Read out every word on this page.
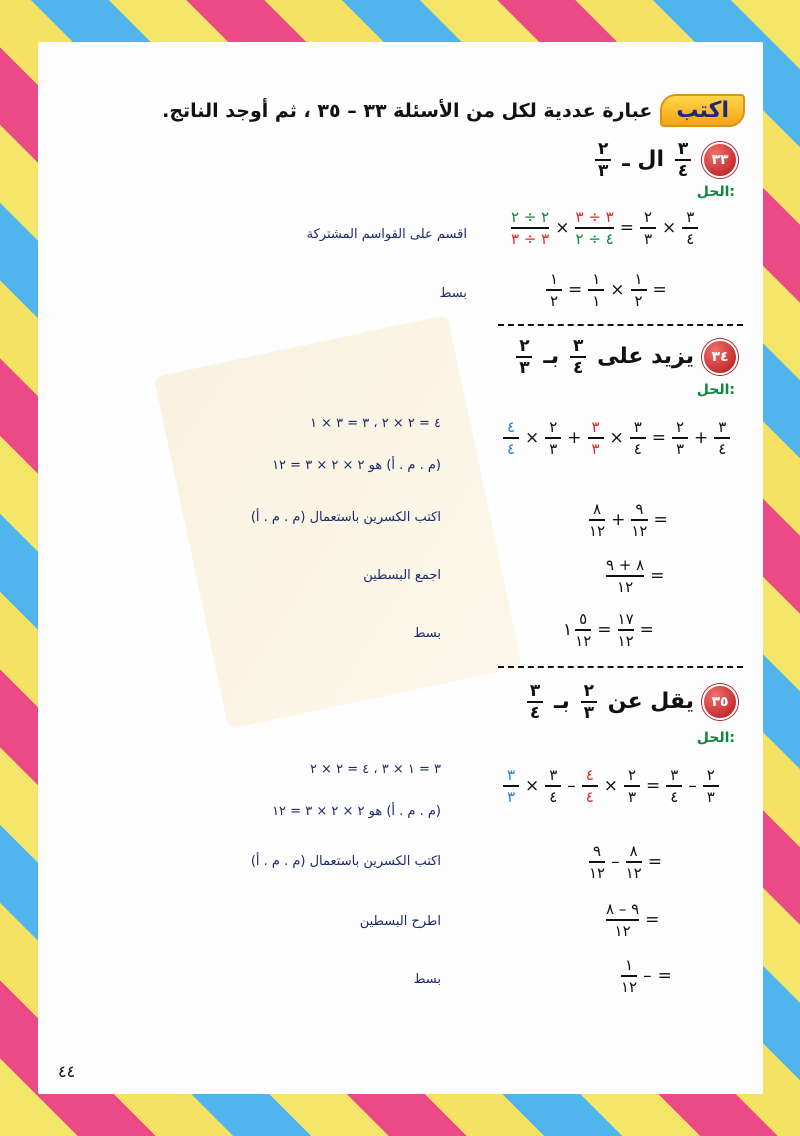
اكتب
عبارة عددية لكل من الأسئلة ٣٣ – ٣٥ ، ثم أوجد الناتج.
٣٣
$\frac{٣}{٤}$
ال ـ
$\frac{٢}{٣}$
الحل:
$\frac{٢ \div ٢}{٣ \div ٣} \times \frac{٣ \div ٣}{٤ \div ٢} = \frac{٢}{٣} \times \frac{٣}{٤}$
اقسم على القواسم المشتركة
$\frac{١}{٢} = \frac{١}{١} \times \frac{١}{٢}$ =
بسط
٣٤
يزيد على
$\frac{٣}{٤}$
بـ
$\frac{٢}{٣}$
الحل:
$\frac{٤}{٤} \times \frac{٢}{٣} + \frac{٣}{٣} \times \frac{٣}{٤} = \frac{٢}{٣} + \frac{٣}{٤}$
٤ = ٢ × ٢ ، ٣ = ٣ × ١
(م . م . أ) هو ٢ × ٢ × ٣ = ١٢
$\frac{٨}{١٢} + \frac{٩}{١٢}$ =
اكتب الكسرين باستعمال (م . م . أ)
$\frac{٨ + ٩}{١٢}$ =
اجمع البسطين
١ $\frac{٥}{١٢} = \frac{١٧}{١٢}$ =
بسط
٣٥
يقل عن
$\frac{٢}{٣}$
بـ
$\frac{٣}{٤}$
الحل:
$\frac{٣}{٣} \times \frac{٣}{٤} - \frac{٤}{٤} \times \frac{٢}{٣} = \frac{٣}{٤} - \frac{٢}{٣}$
٣ = ١ × ٣ ، ٤ = ٢ × ٢
(م . م . أ) هو ٢ × ٢ × ٣ = ١٢
$\frac{٩}{١٢} - \frac{٨}{١٢}$ =
اكتب الكسرين باستعمال (م . م . أ)
$\frac{٩ - ٨}{١٢}$ =
اطرح البسطين
$\frac{١}{١٢}$ – =
بسط
٤٤
